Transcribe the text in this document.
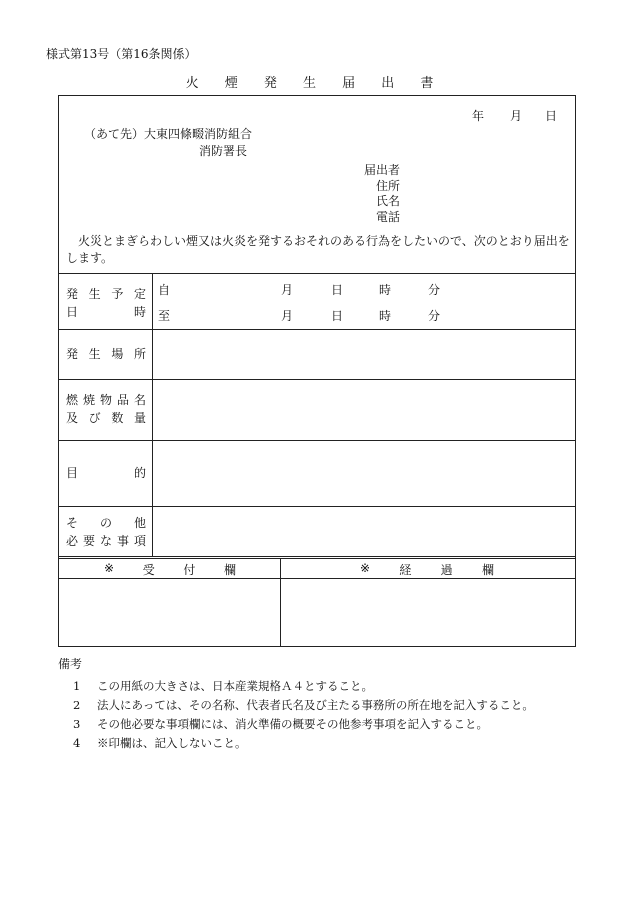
様式第13号（第16条関係）
火 煙 発 生 届 出 書
年 月 日
（あて先）大東四條畷消防組合
消防署長
届出者
住所
氏名
電話
火災とまぎらわしい煙又は火炎を発するおそれのある行為をしたいので、次のとおり届出をします。
発 生 予 定
日	時
自	月	日	時	分
至	月	日	時	分
発 生 場 所
燃 焼 物 品 名
及 び 数 量
目	的
そ の 他
必 要 な 事 項
※ 受 付 欄	※ 経 過 欄
備考
1 この用紙の大きさは、日本産業規格Ａ４とすること。
2 法人にあっては、その名称、代表者氏名及び主たる事務所の所在地を記入すること。
3 その他必要な事項欄には、消火準備の概要その他参考事項を記入すること。
4 ※印欄は、記入しないこと。
